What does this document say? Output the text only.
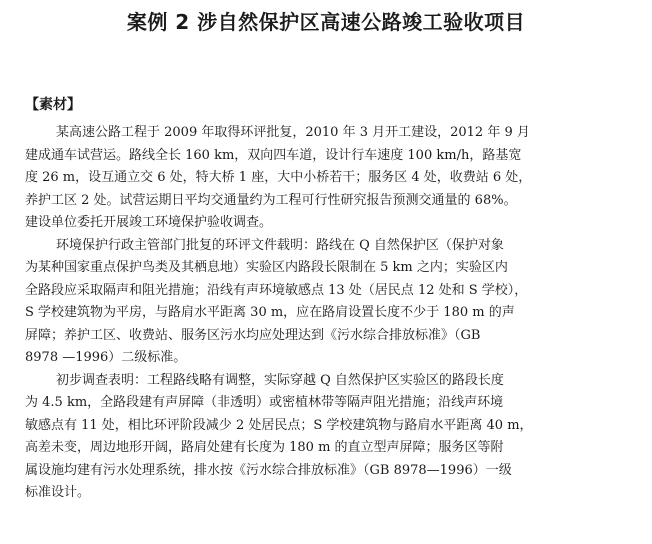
案例 2 涉自然保护区高速公路竣工验收项目
【素材】
某高速公路工程于 2009 年取得环评批复，2010 年 3 月开工建设，2012 年 9 月
建成通车试营运。路线全长 160 km，双向四车道，设计行车速度 100 km/h，路基宽
度 26 m，设互通立交 6 处，特大桥 1 座，大中小桥若干；服务区 4 处，收费站 6 处，
养护工区 2 处。试营运期日平均交通量约为工程可行性研究报告预测交通量的 68%。
建设单位委托开展竣工环境保护验收调查。
环境保护行政主管部门批复的环评文件载明：路线在 Q 自然保护区（保护对象
为某种国家重点保护鸟类及其栖息地）实验区内路段长限制在 5 km 之内；实验区内
全路段应采取隔声和阻光措施；沿线有声环境敏感点 13 处（居民点 12 处和 S 学校），
S 学校建筑物为平房，与路肩水平距离 30 m，应在路肩设置长度不少于 180 m 的声
屏障；养护工区、收费站、服务区污水均应处理达到《污水综合排放标准》（GB
8978 —1996）二级标准。
初步调查表明：工程路线略有调整，实际穿越 Q 自然保护区实验区的路段长度
为 4.5 km，全路段建有声屏障（非透明）或密植林带等隔声阻光措施；沿线声环境
敏感点有 11 处，相比环评阶段减少 2 处居民点；S 学校建筑物与路肩水平距离 40 m，
高差未变，周边地形开阔，路肩处建有长度为 180 m 的直立型声屏障；服务区等附
属设施均建有污水处理系统，排水按《污水综合排放标准》（GB 8978—1996）一级
标准设计。
